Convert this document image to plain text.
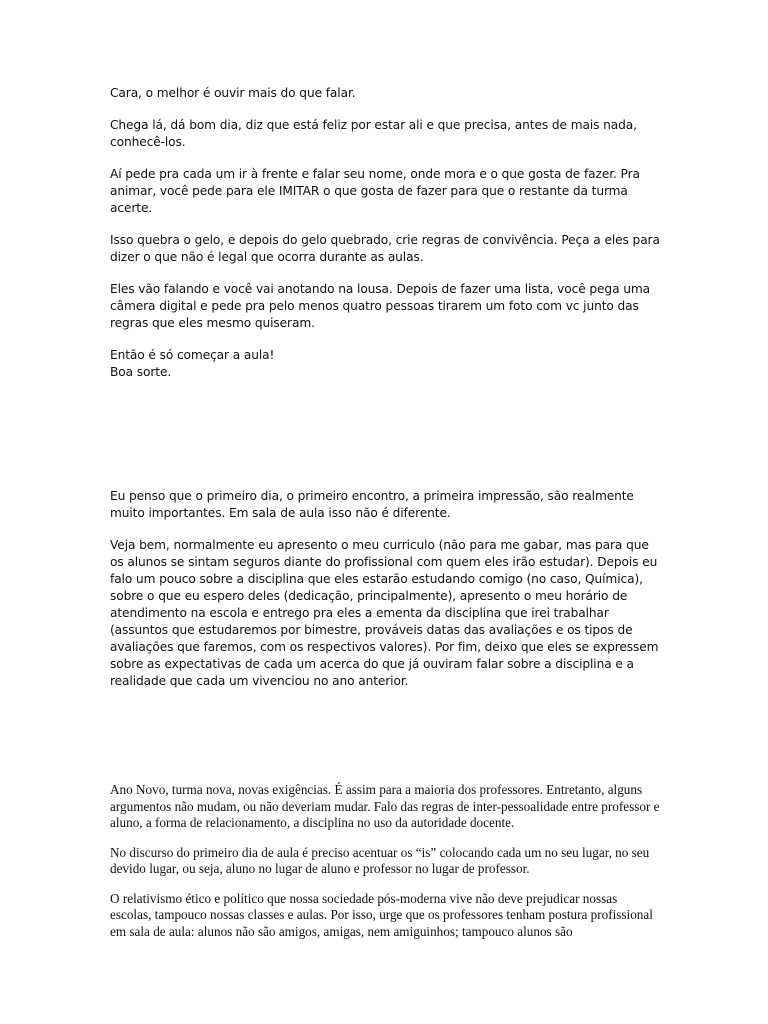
Cara, o melhor é ouvir mais do que falar.

Chega lá, dá bom dia, diz que está feliz por estar ali e que precisa, antes de mais nada, conhecê-los.

Aí pede pra cada um ir à frente e falar seu nome, onde mora e o que gosta de fazer. Pra animar, você pede para ele IMITAR o que gosta de fazer para que o restante da turma acerte.

Isso quebra o gelo, e depois do gelo quebrado, crie regras de convivência. Peça a eles para dizer o que não é legal que ocorra durante as aulas.

Eles vão falando e você vai anotando na lousa. Depois de fazer uma lista, você pega uma câmera digital e pede pra pelo menos quatro pessoas tirarem um foto com vc junto das regras que eles mesmo quiseram.

Então é só começar a aula!

Boa sorte.

Eu penso que o primeiro dia, o primeiro encontro, a primeira impressão, são realmente muito importantes. Em sala de aula isso não é diferente.

Veja bem, normalmente eu apresento o meu curriculo (não para me gabar, mas para que os alunos se sintam seguros diante do profissional com quem eles irão estudar). Depois eu falo um pouco sobre a disciplina que eles estarão estudando comigo (no caso, Química), sobre o que eu espero deles (dedicação, principalmente), apresento o meu horário de atendimento na escola e entrego pra eles a ementa da disciplina que irei trabalhar (assuntos que estudaremos por bimestre, prováveis datas das avaliações e os tipos de avaliações que faremos, com os respectivos valores). Por fim, deixo que eles se expressem sobre as expectativas de cada um acerca do que já ouviram falar sobre a disciplina e a realidade que cada um vivenciou no ano anterior.

Ano Novo, turma nova, novas exigências. É assim para a maioria dos professores. Entretanto, alguns argumentos não mudam, ou não deveriam mudar. Falo das regras de inter-pessoalidade entre professor e aluno, a forma de relacionamento, a disciplina no uso da autoridade docente.

No discurso do primeiro dia de aula é preciso acentuar os “is” colocando cada um no seu lugar, no seu devido lugar, ou seja, aluno no lugar de aluno e professor no lugar de professor.

O relativismo ético e político que nossa sociedade pós-moderna vive não deve prejudicar nossas escolas, tampouco nossas classes e aulas. Por isso, urge que os professores tenham postura profissional em sala de aula: alunos não são amigos, amigas, nem amiguinhos; tampouco alunos são
